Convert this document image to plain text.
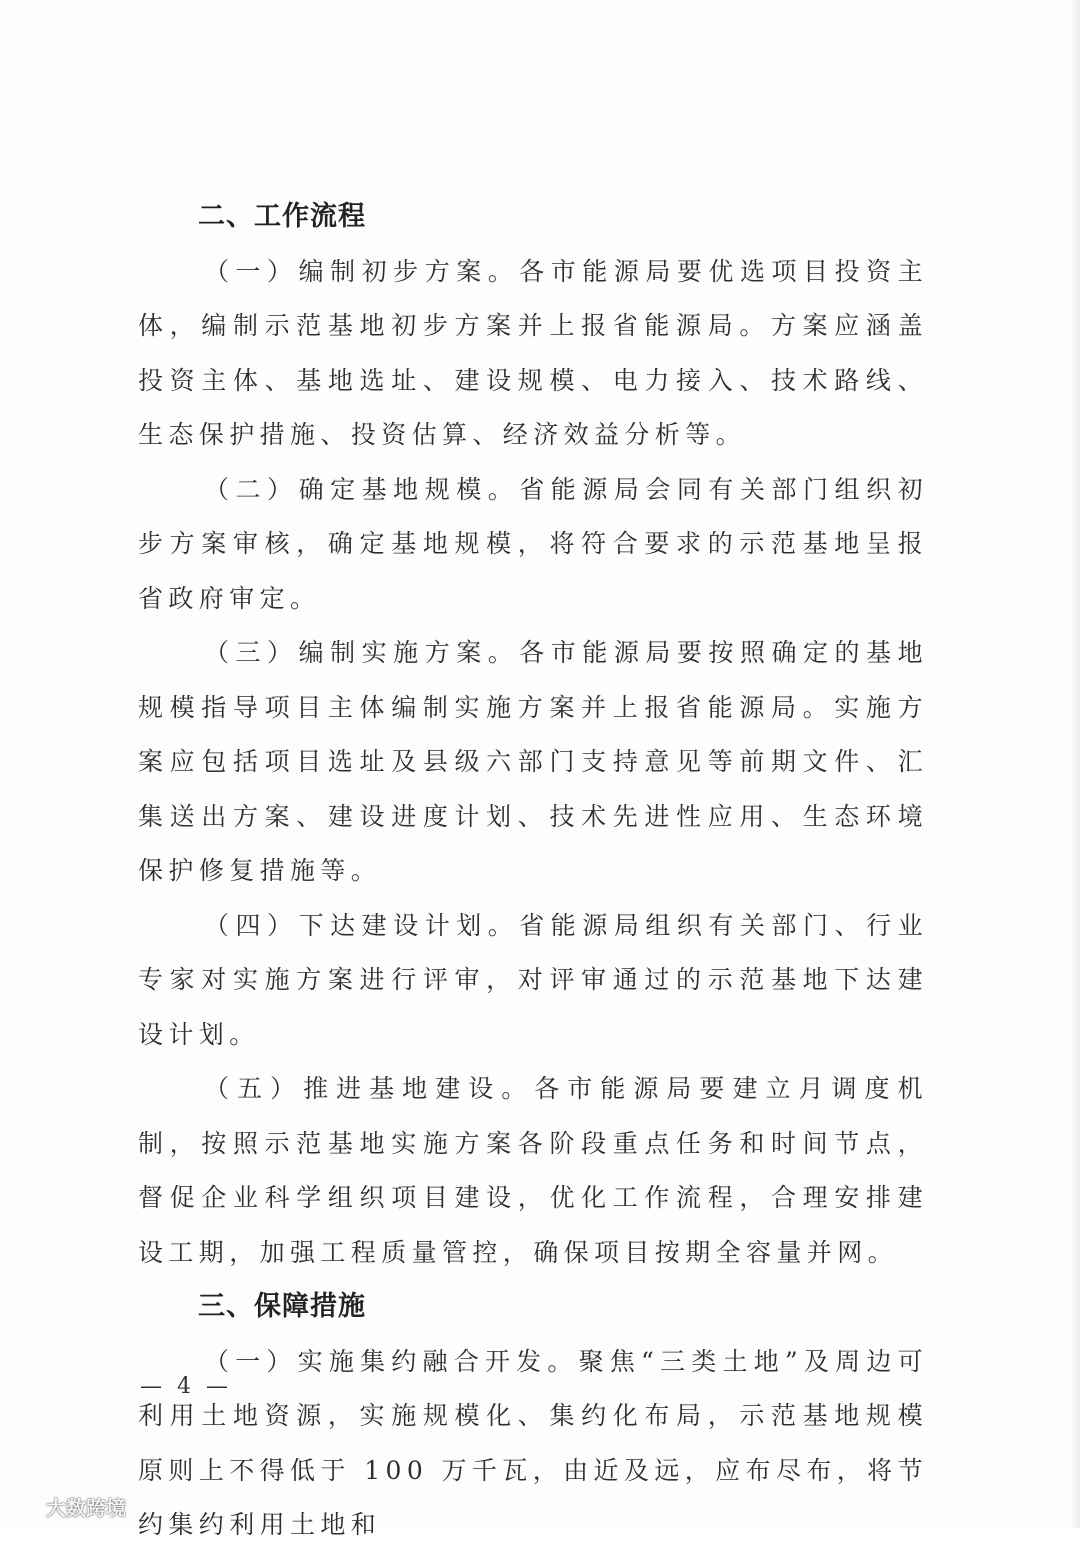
二、工作流程

（一）编制初步方案。各市能源局要优选项目投资主体，编制示范基地初步方案并上报省能源局。方案应涵盖投资主体、基地选址、建设规模、电力接入、技术路线、生态保护措施、投资估算、经济效益分析等。

（二）确定基地规模。省能源局会同有关部门组织初步方案审核，确定基地规模，将符合要求的示范基地呈报省政府审定。

（三）编制实施方案。各市能源局要按照确定的基地规模指导项目主体编制实施方案并上报省能源局。实施方案应包括项目选址及县级六部门支持意见等前期文件、汇集送出方案、建设进度计划、技术先进性应用、生态环境保护修复措施等。

（四）下达建设计划。省能源局组织有关部门、行业专家对实施方案进行评审，对评审通过的示范基地下达建设计划。

（五）推进基地建设。各市能源局要建立月调度机制，按照示范基地实施方案各阶段重点任务和时间节点，督促企业科学组织项目建设，优化工作流程，合理安排建设工期，加强工程质量管控，确保项目按期全容量并网。

三、保障措施

（一）实施集约融合开发。聚焦“三类土地”及周边可利用土地资源，实施规模化、集约化布局，示范基地规模原则上不得低于 100 万千瓦，由近及远，应布尽布，将节约集约利用土地和

— 4 —
大数跨境
